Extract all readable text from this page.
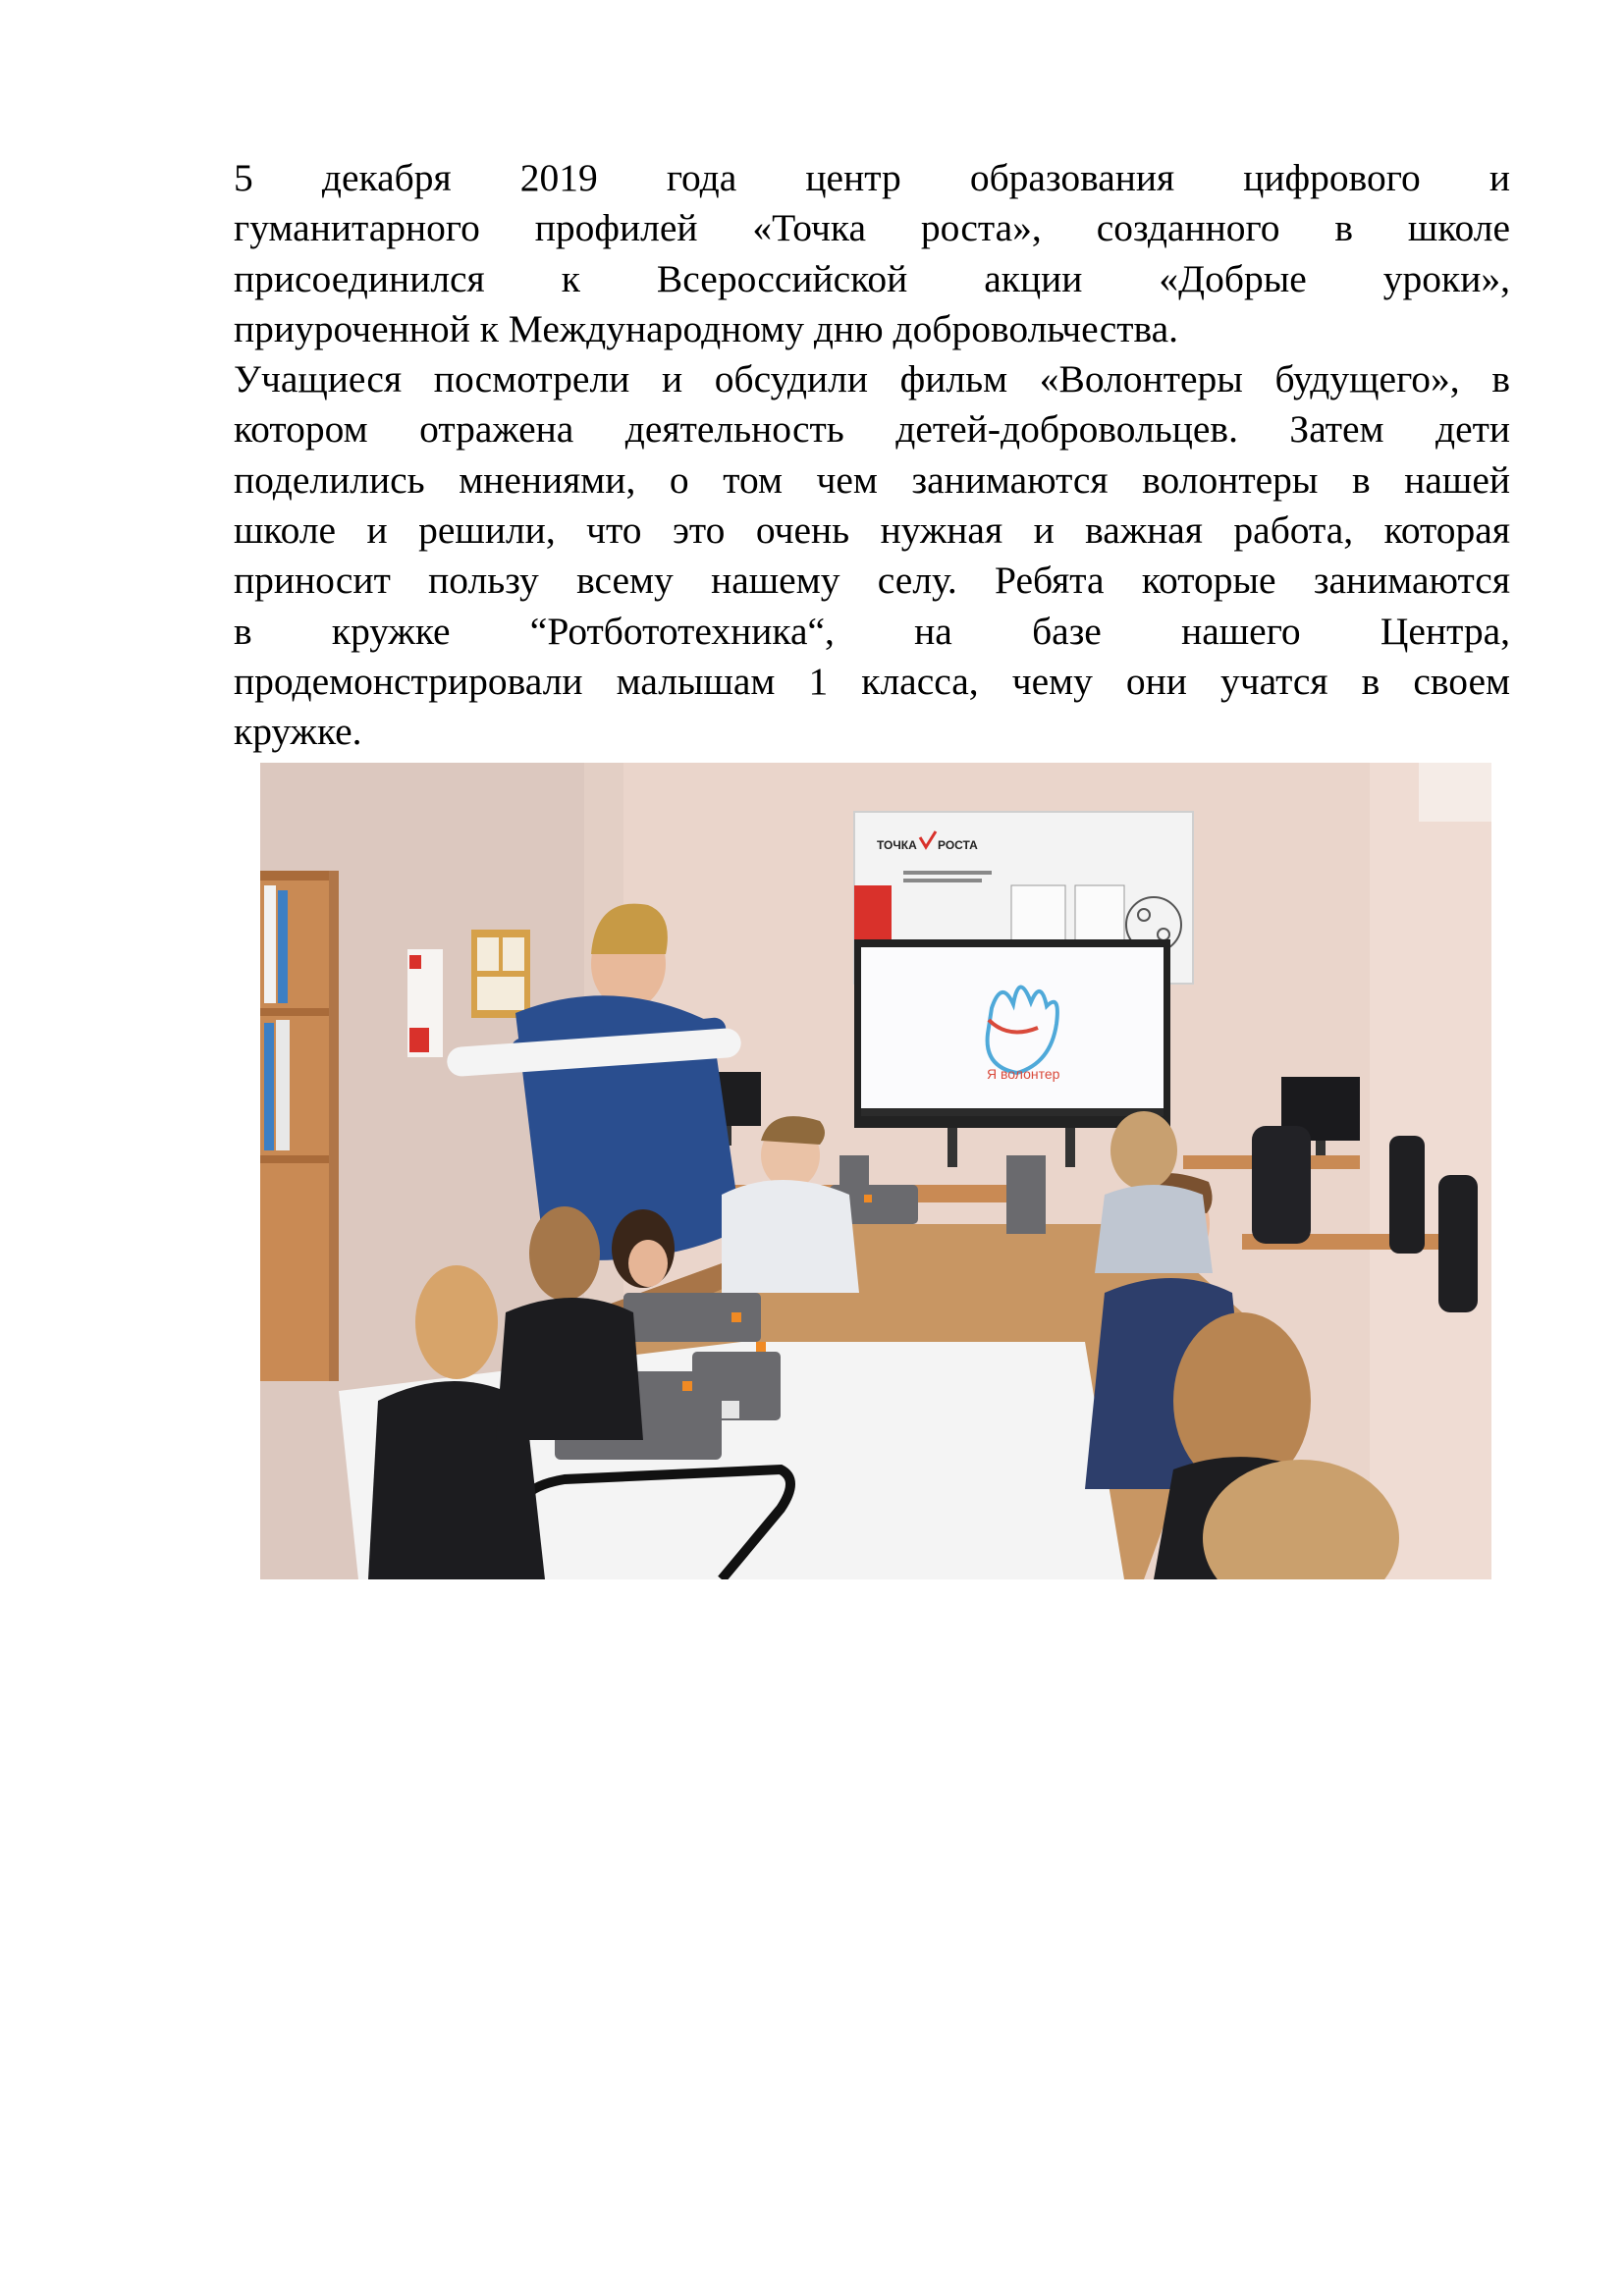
5 декабря 2019 года центр образования цифрового и
гуманитарного профилей «Точка роста», созданного в школе
присоединился к Всероссийской акции «Добрые уроки»,
приуроченной к Международному дню добровольчества.

Учащиеся посмотрели и обсудили фильм «Волонтеры будущего», в
котором отражена деятельность детей-добровольцев. Затем дети
поделились мнениями, о том чем занимаются волонтеры в нашей
школе и решили, что это очень нужная и важная работа, которая
приносит пользу всему нашему селу. Ребята которые занимаются
в кружке “Ротбототехника“, на базе нашего Центра,
продемонстрировали малышам 1 класса, чему они учатся в своем
кружке.

ТОЧКА РОСТА
Я волонтер
